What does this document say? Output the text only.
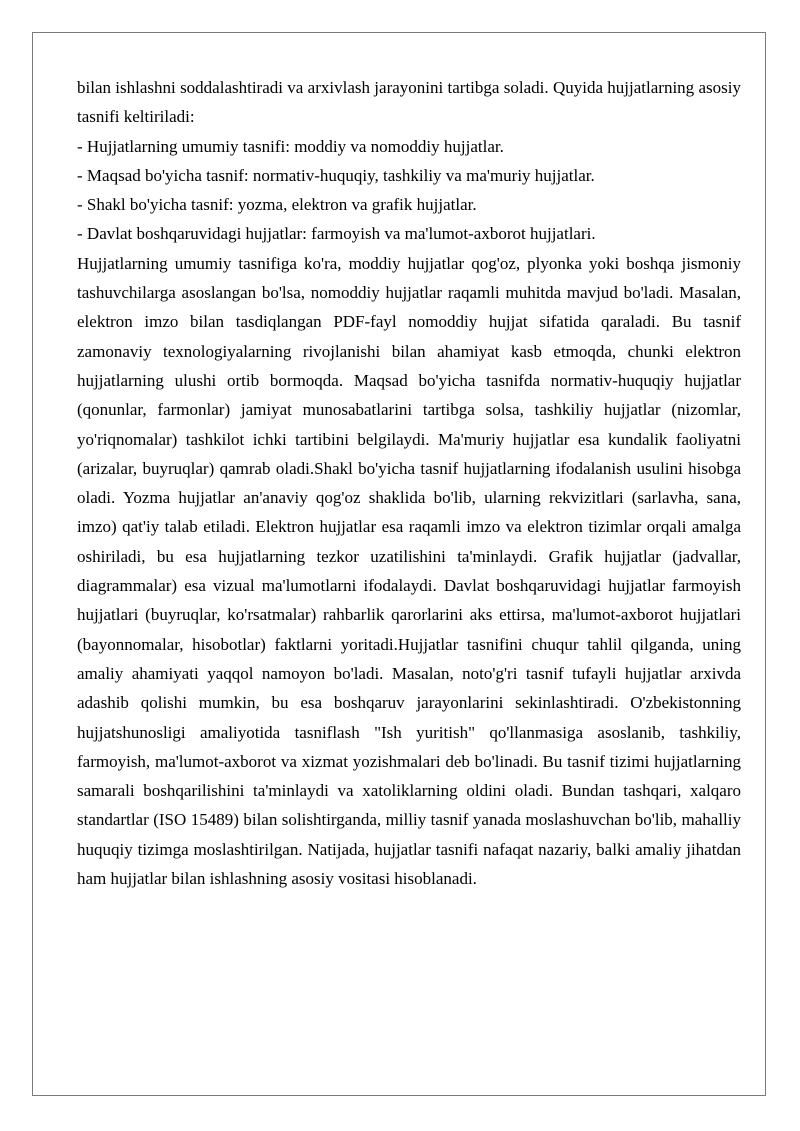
bilan ishlashni soddalashtiradi va arxivlash jarayonini tartibga soladi. Quyida hujjatlarning asosiy tasnifi keltiriladi:

- Hujjatlarning umumiy tasnifi: moddiy va nomoddiy hujjatlar.

- Maqsad bo'yicha tasnif: normativ-huquqiy, tashkiliy va ma'muriy hujjatlar.

- Shakl bo'yicha tasnif: yozma, elektron va grafik hujjatlar.

- Davlat boshqaruvidagi hujjatlar: farmoyish va ma'lumot-axborot hujjatlari.

Hujjatlarning umumiy tasnifiga ko'ra, moddiy hujjatlar qog'oz, plyonka yoki boshqa jismoniy tashuvchilarga asoslangan bo'lsa, nomoddiy hujjatlar raqamli muhitda mavjud bo'ladi. Masalan, elektron imzo bilan tasdiqlangan PDF-fayl nomoddiy hujjat sifatida qaraladi. Bu tasnif zamonaviy texnologiyalarning rivojlanishi bilan ahamiyat kasb etmoqda, chunki elektron hujjatlarning ulushi ortib bormoqda. Maqsad bo'yicha tasnifda normativ-huquqiy hujjatlar (qonunlar, farmonlar) jamiyat munosabatlarini tartibga solsa, tashkiliy hujjatlar (nizomlar, yo'riqnomalar) tashkilot ichki tartibini belgilaydi. Ma'muriy hujjatlar esa kundalik faoliyatni (arizalar, buyruqlar) qamrab oladi.Shakl bo'yicha tasnif hujjatlarning ifodalanish usulini hisobga oladi. Yozma hujjatlar an'anaviy qog'oz shaklida bo'lib, ularning rekvizitlari (sarlavha, sana, imzo) qat'iy talab etiladi. Elektron hujjatlar esa raqamli imzo va elektron tizimlar orqali amalga oshiriladi, bu esa hujjatlarning tezkor uzatilishini ta'minlaydi. Grafik hujjatlar (jadvallar, diagrammalar) esa vizual ma'lumotlarni ifodalaydi. Davlat boshqaruvidagi hujjatlar farmoyish hujjatlari (buyruqlar, ko'rsatmalar) rahbarlik qarorlarini aks ettirsa, ma'lumot-axborot hujjatlari (bayonnomalar, hisobotlar) faktlarni yoritadi.Hujjatlar tasnifini chuqur tahlil qilganda, uning amaliy ahamiyati yaqqol namoyon bo'ladi. Masalan, noto'g'ri tasnif tufayli hujjatlar arxivda adashib qolishi mumkin, bu esa boshqaruv jarayonlarini sekinlashtiradi. O'zbekistonning hujjatshunosligi amaliyotida tasniflash "Ish yuritish" qo'llanmasiga asoslanib, tashkiliy, farmoyish, ma'lumot-axborot va xizmat yozishmalari deb bo'linadi. Bu tasnif tizimi hujjatlarning samarali boshqarilishini ta'minlaydi va xatoliklarning oldini oladi. Bundan tashqari, xalqaro standartlar (ISO 15489) bilan solishtirganda, milliy tasnif yanada moslashuvchan bo'lib, mahalliy huquqiy tizimga moslashtirilgan. Natijada, hujjatlar tasnifi nafaqat nazariy, balki amaliy jihatdan ham hujjatlar bilan ishlashning asosiy vositasi hisoblanadi.
